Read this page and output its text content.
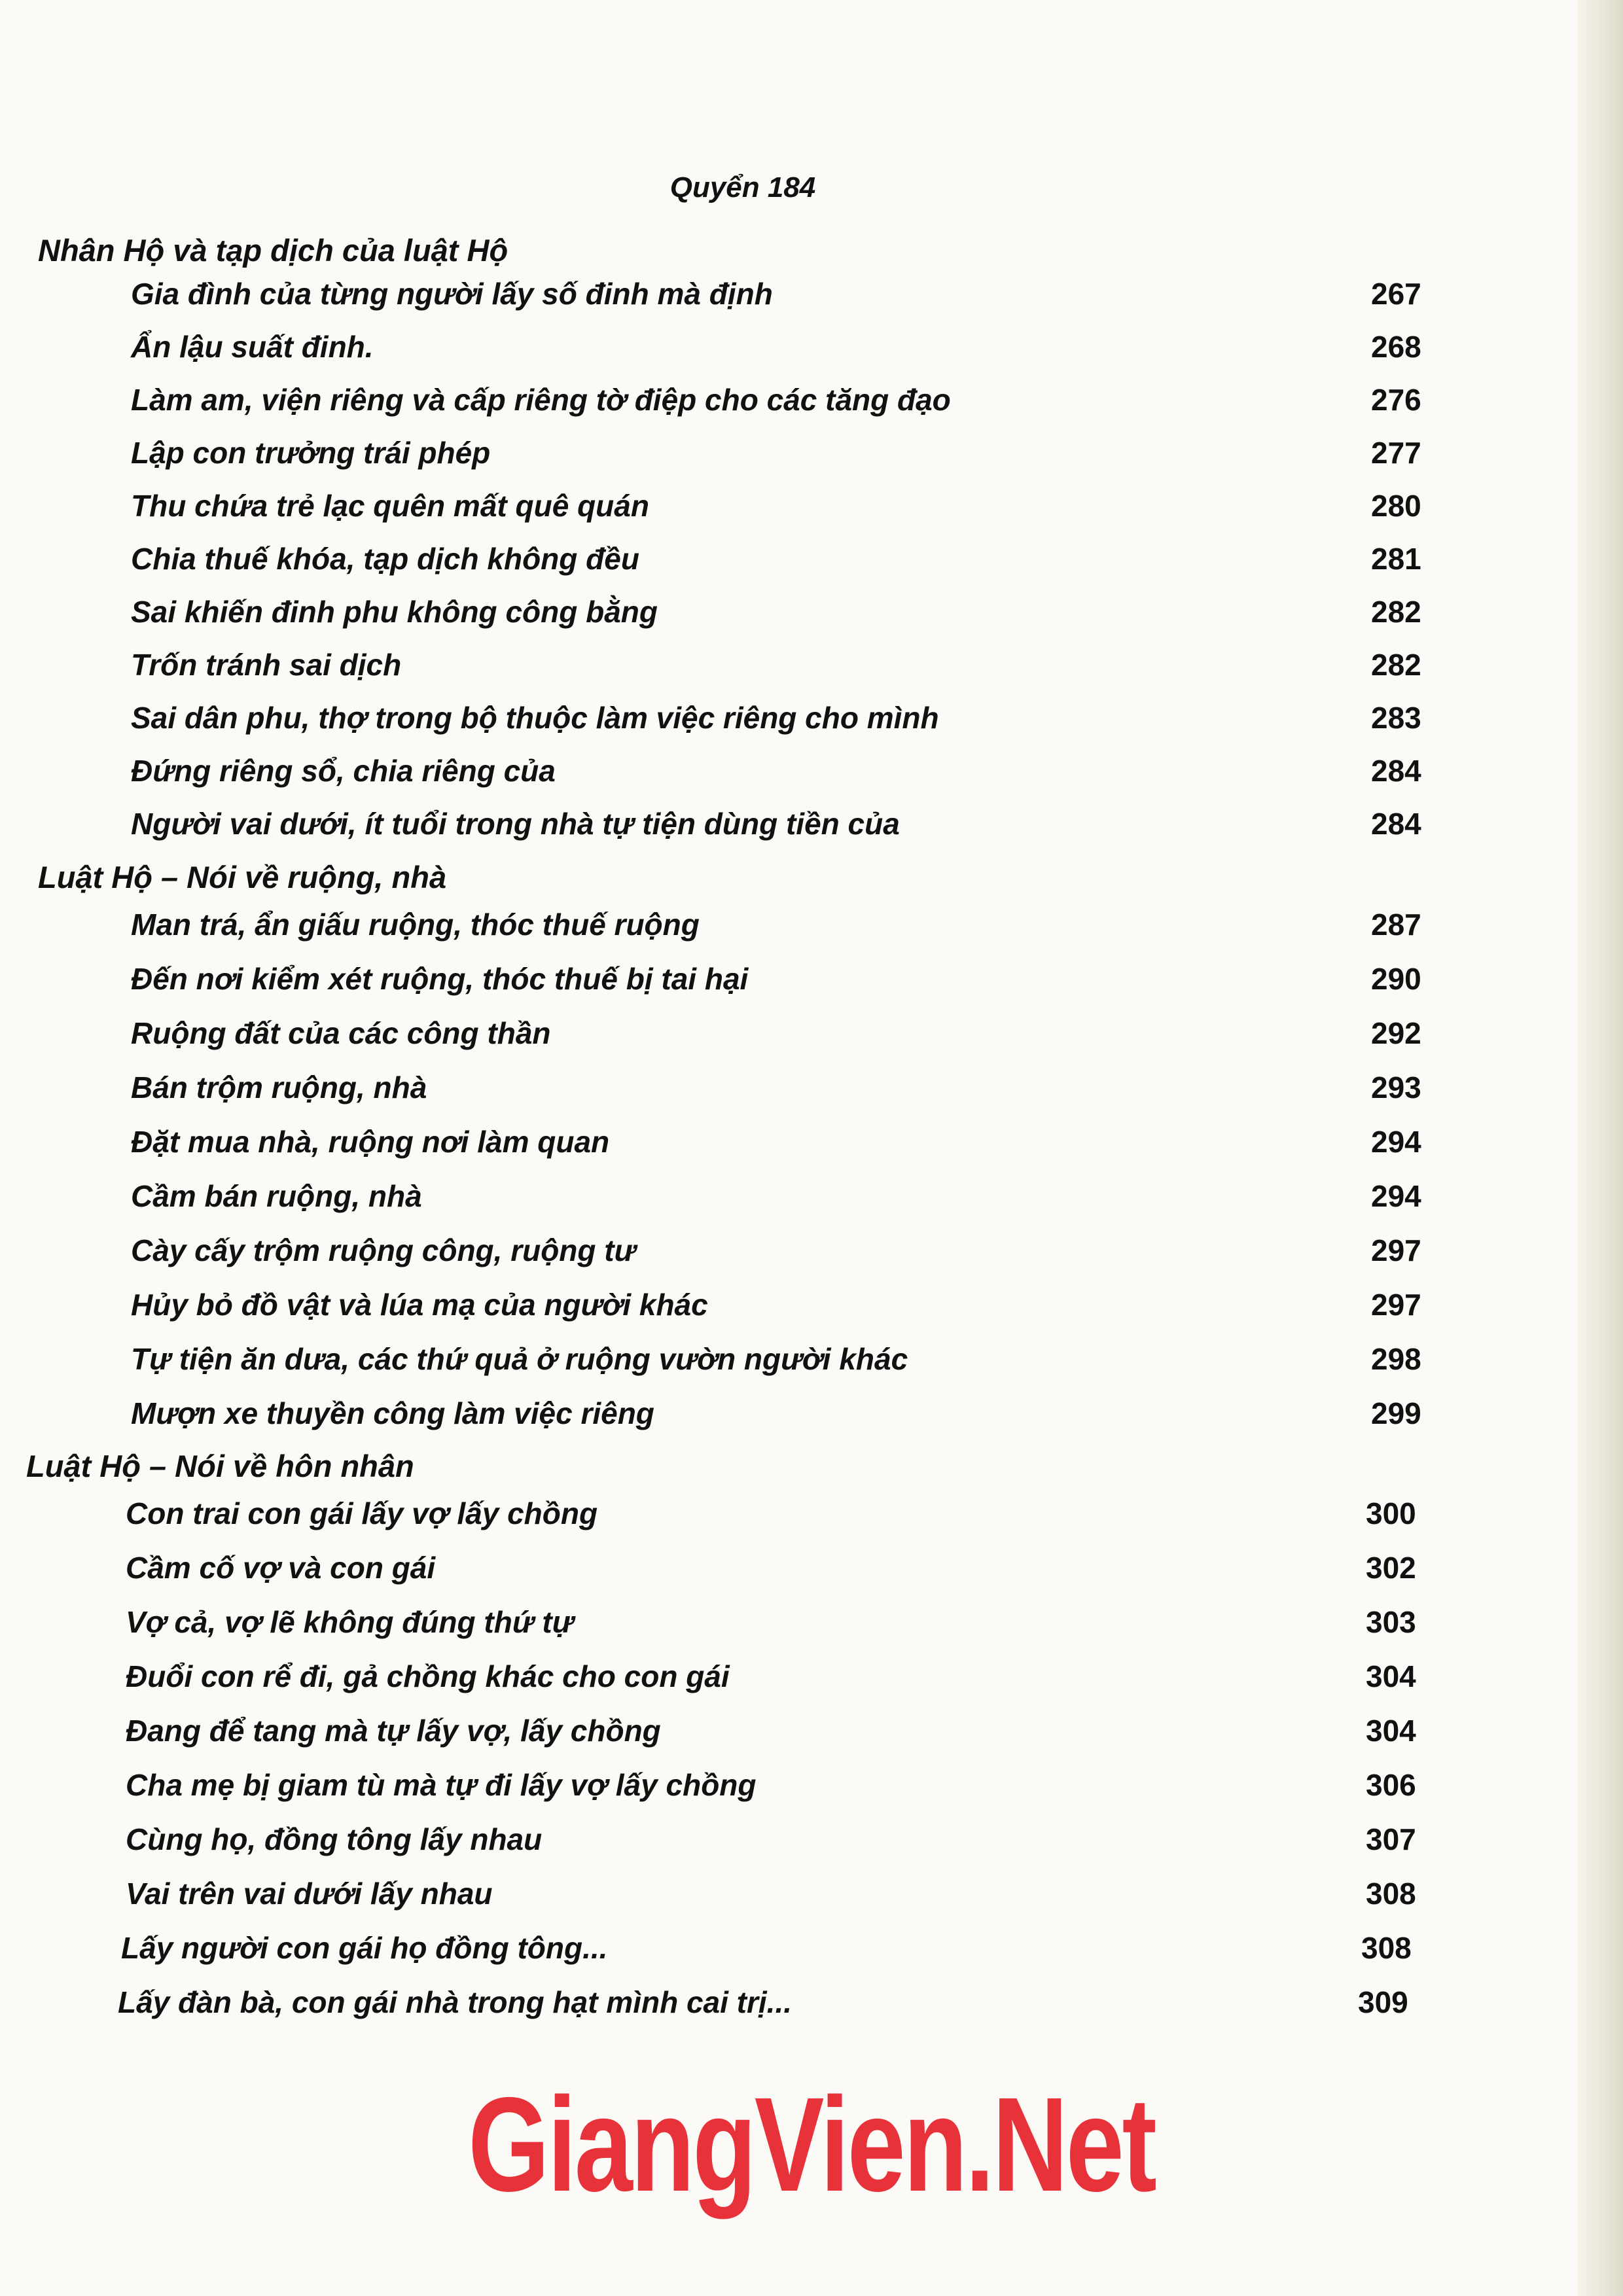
Quyển 184
Nhân Hộ và tạp dịch của luật Hộ
Gia đình của từng người lấy số đinh mà định	267
Ẩn lậu suất đinh.	268
Làm am, viện riêng và cấp riêng tờ điệp cho các tăng đạo	276
Lập con trưởng trái phép	277
Thu chứa trẻ lạc quên mất quê quán	280
Chia thuế khóa, tạp dịch không đều	281
Sai khiến đinh phu không công bằng	282
Trốn tránh sai dịch	282
Sai dân phu, thợ trong bộ thuộc làm việc riêng cho mình	283
Đứng riêng sổ, chia riêng của	284
Người vai dưới, ít tuổi trong nhà tự tiện dùng tiền của	284
Luật Hộ – Nói về ruộng, nhà
Man trá, ẩn giấu ruộng, thóc thuế ruộng	287
Đến nơi kiểm xét ruộng, thóc thuế bị tai hại	290
Ruộng đất của các công thần	292
Bán trộm ruộng, nhà	293
Đặt mua nhà, ruộng nơi làm quan	294
Cầm bán ruộng, nhà	294
Cày cấy trộm ruộng công, ruộng tư	297
Hủy bỏ đồ vật và lúa mạ của người khác	297
Tự tiện ăn dưa, các thứ quả ở ruộng vườn người khác	298
Mượn xe thuyền công làm việc riêng	299
Luật Hộ – Nói về hôn nhân
Con trai con gái lấy vợ lấy chồng	300
Cầm cố vợ và con gái	302
Vợ cả, vợ lẽ không đúng thứ tự	303
Đuổi con rể đi, gả chồng khác cho con gái	304
Đang để tang mà tự lấy vợ, lấy chồng	304
Cha mẹ bị giam tù mà tự đi lấy vợ lấy chồng	306
Cùng họ, đồng tông lấy nhau	307
Vai trên vai dưới lấy nhau	308
Lấy người con gái họ đồng tông...	308
Lấy đàn bà, con gái nhà trong hạt mình cai trị...	309
GiangVien.Net
